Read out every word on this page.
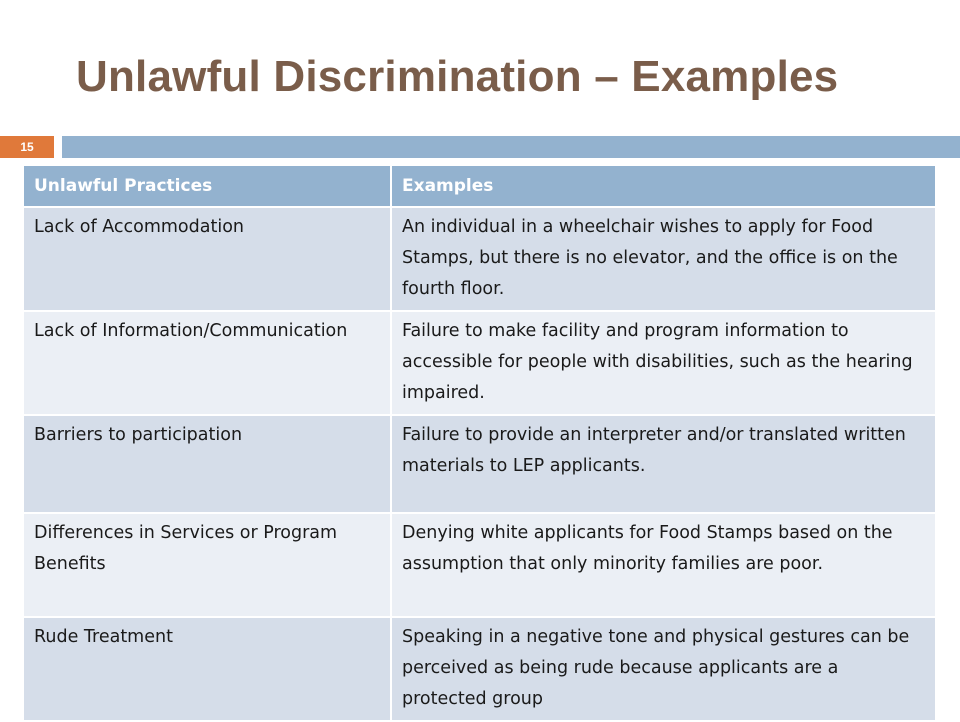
Unlawful Discrimination – Examples
15
Unlawful Practices	Examples
Lack of Accommodation	An individual in a wheelchair wishes to apply for Food Stamps, but there is no elevator, and the office is on the fourth floor.
Lack of Information/Communication	Failure to make facility and program information to accessible for people with disabilities, such as the hearing impaired.
Barriers to participation	Failure to provide an interpreter and/or translated written materials to LEP applicants.
Differences in Services or Program Benefits	Denying white applicants for Food Stamps based on the assumption that only minority families are poor.
Rude Treatment	Speaking in a negative tone and physical gestures can be perceived as being rude because applicants are a protected group
